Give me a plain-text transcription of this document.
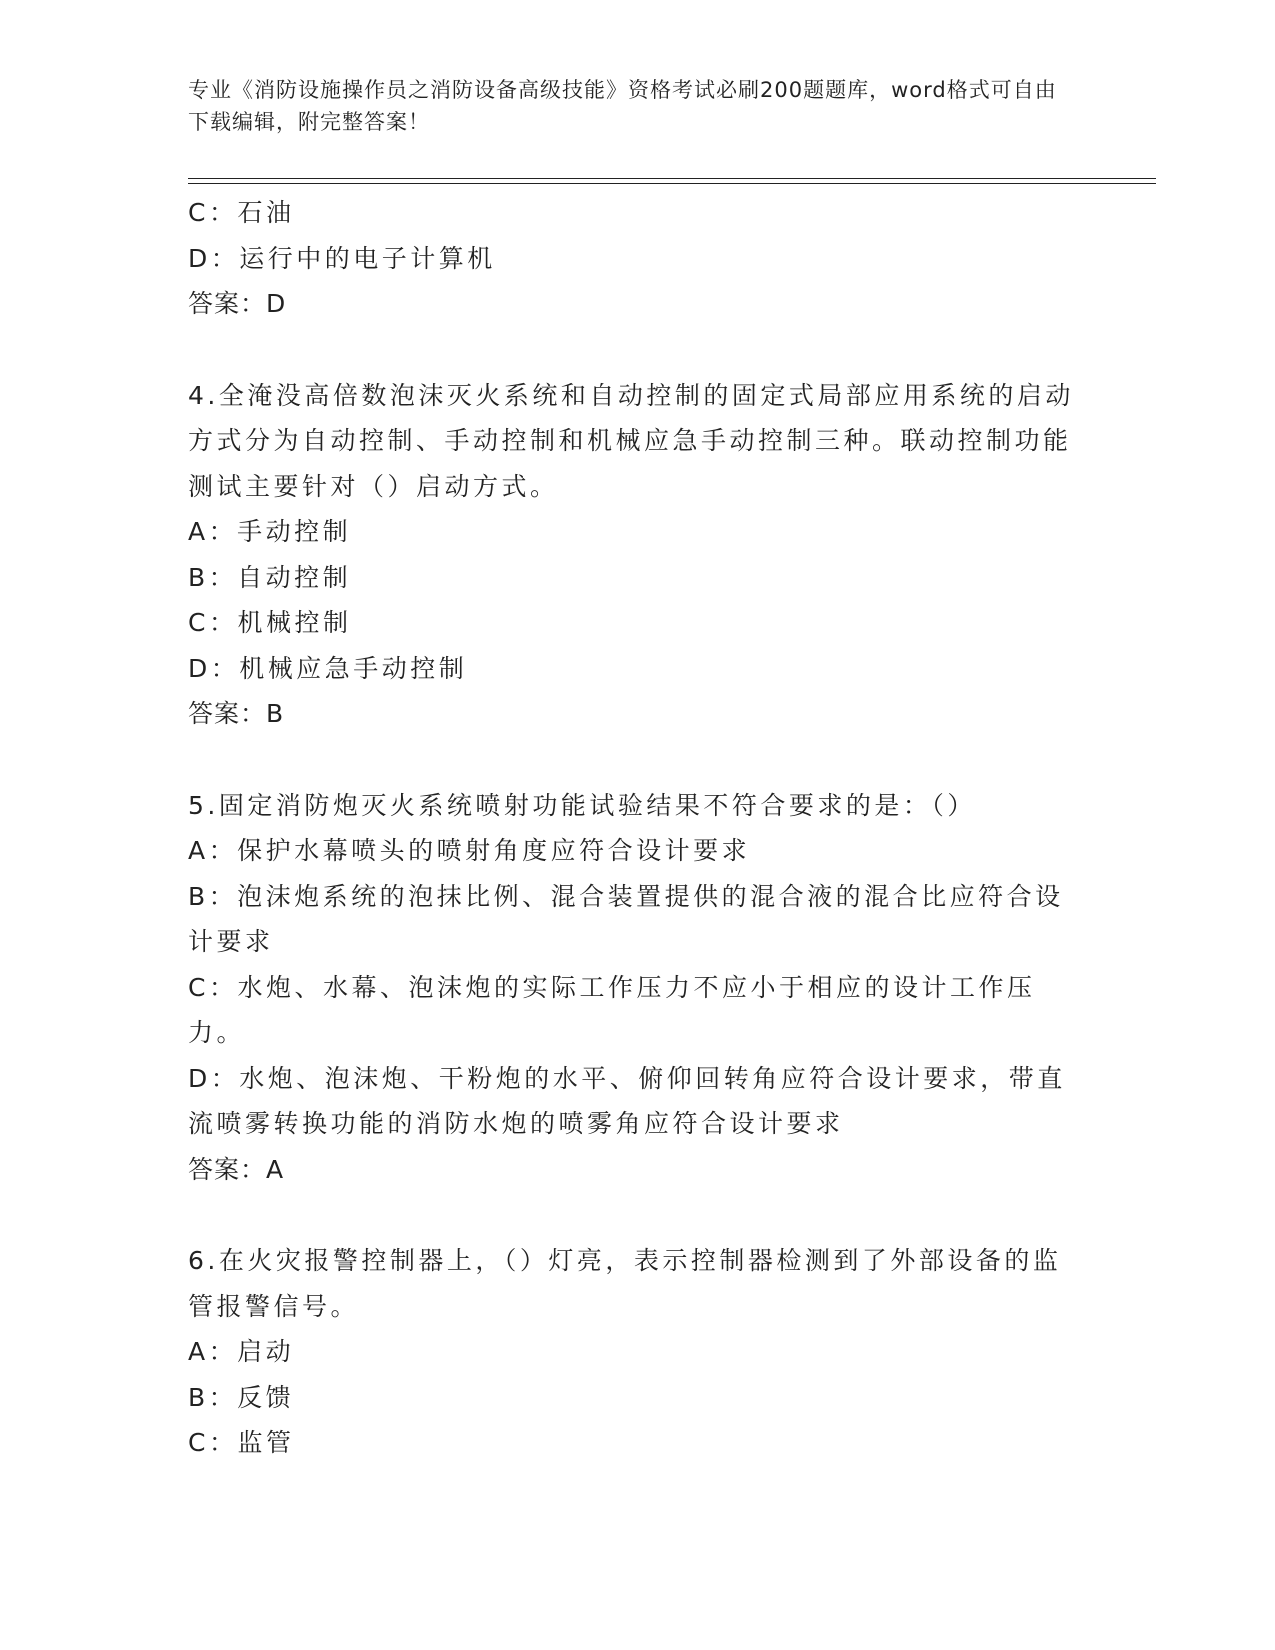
专业《消防设施操作员之消防设备高级技能》资格考试必刷200题题库，word格式可自由下载编辑，附完整答案！
C：石油
D：运行中的电子计算机
答案：D
4.全淹没高倍数泡沫灭火系统和自动控制的固定式局部应用系统的启动方式分为自动控制、手动控制和机械应急手动控制三种。联动控制功能测试主要针对（）启动方式。
A：手动控制
B：自动控制
C：机械控制
D：机械应急手动控制
答案：B
5.固定消防炮灭火系统喷射功能试验结果不符合要求的是：（）
A：保护水幕喷头的喷射角度应符合设计要求
B：泡沫炮系统的泡抹比例、混合装置提供的混合液的混合比应符合设计要求
C：水炮、水幕、泡沫炮的实际工作压力不应小于相应的设计工作压力。
D：水炮、泡沫炮、干粉炮的水平、俯仰回转角应符合设计要求，带直流喷雾转换功能的消防水炮的喷雾角应符合设计要求
答案：A
6.在火灾报警控制器上，（）灯亮，表示控制器检测到了外部设备的监管报警信号。
A：启动
B：反馈
C：监管
